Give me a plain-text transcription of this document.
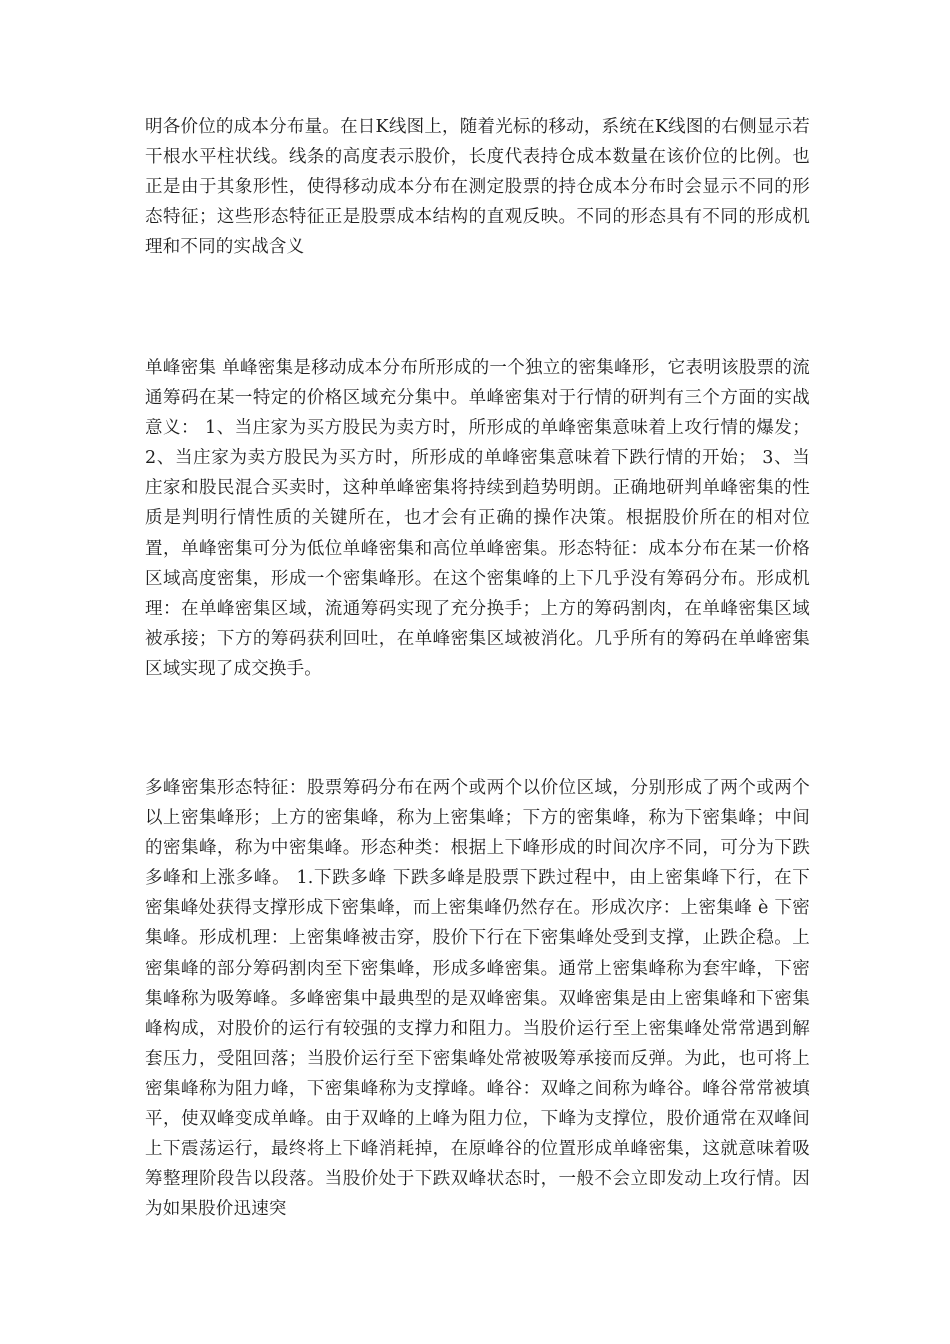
明各价位的成本分布量。在日K线图上，随着光标的移动，系统在K线图的右侧显示若干根水平柱状线。线条的高度表示股价，长度代表持仓成本数量在该价位的比例。也正是由于其象形性，使得移动成本分布在测定股票的持仓成本分布时会显示不同的形态特征；这些形态特征正是股票成本结构的直观反映。不同的形态具有不同的形成机理和不同的实战含义

单峰密集 单峰密集是移动成本分布所形成的一个独立的密集峰形，它表明该股票的流通筹码在某一特定的价格区域充分集中。单峰密集对于行情的研判有三个方面的实战意义： 1、当庄家为买方股民为卖方时，所形成的单峰密集意味着上攻行情的爆发； 2、当庄家为卖方股民为买方时，所形成的单峰密集意味着下跌行情的开始； 3、当庄家和股民混合买卖时，这种单峰密集将持续到趋势明朗。正确地研判单峰密集的性质是判明行情性质的关键所在，也才会有正确的操作决策。根据股价所在的相对位置，单峰密集可分为低位单峰密集和高位单峰密集。形态特征：成本分布在某一价格区域高度密集，形成一个密集峰形。在这个密集峰的上下几乎没有筹码分布。形成机理：在单峰密集区域，流通筹码实现了充分换手；上方的筹码割肉，在单峰密集区域被承接；下方的筹码获利回吐，在单峰密集区域被消化。几乎所有的筹码在单峰密集区域实现了成交换手。

多峰密集形态特征：股票筹码分布在两个或两个以价位区域，分别形成了两个或两个以上密集峰形；上方的密集峰，称为上密集峰；下方的密集峰，称为下密集峰；中间的密集峰，称为中密集峰。形态种类：根据上下峰形成的时间次序不同，可分为下跌多峰和上涨多峰。 1.下跌多峰 下跌多峰是股票下跌过程中，由上密集峰下行，在下密集峰处获得支撑形成下密集峰，而上密集峰仍然存在。形成次序：上密集峰 è 下密集峰。形成机理：上密集峰被击穿，股价下行在下密集峰处受到支撑，止跌企稳。上密集峰的部分筹码割肉至下密集峰，形成多峰密集。通常上密集峰称为套牢峰，下密集峰称为吸筹峰。多峰密集中最典型的是双峰密集。双峰密集是由上密集峰和下密集峰构成，对股价的运行有较强的支撑力和阻力。当股价运行至上密集峰处常常遇到解套压力，受阻回落；当股价运行至下密集峰处常被吸筹承接而反弹。为此，也可将上密集峰称为阻力峰，下密集峰称为支撑峰。峰谷：双峰之间称为峰谷。峰谷常常被填平，使双峰变成单峰。由于双峰的上峰为阻力位，下峰为支撑位，股价通常在双峰间上下震荡运行，最终将上下峰消耗掉，在原峰谷的位置形成单峰密集，这就意味着吸筹整理阶段告以段落。当股价处于下跌双峰状态时，一般不会立即发动上攻行情。因为如果股价迅速突
